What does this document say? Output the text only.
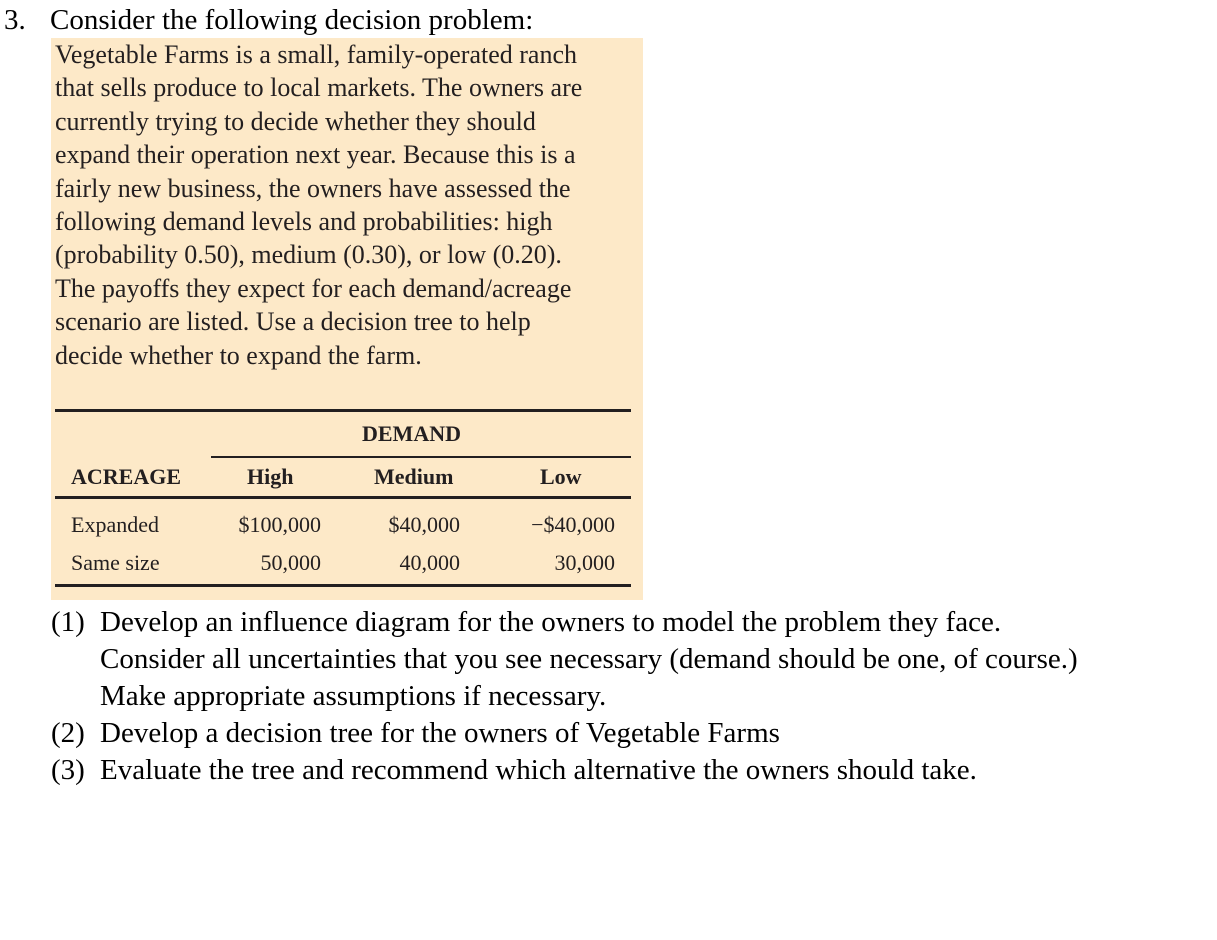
3. Consider the following decision problem:
Vegetable Farms is a small, family-operated ranch
that sells produce to local markets. The owners are
currently trying to decide whether they should
expand their operation next year. Because this is a
fairly new business, the owners have assessed the
following demand levels and probabilities: high
(probability 0.50), medium (0.30), or low (0.20).
The payoffs they expect for each demand/acreage
scenario are listed. Use a decision tree to help
decide whether to expand the farm.
DEMAND
ACREAGE	High	Medium	Low
Expanded	$100,000	$40,000	−$40,000
Same size	50,000	40,000	30,000
(1) Develop an influence diagram for the owners to model the problem they face.
Consider all uncertainties that you see necessary (demand should be one, of course.)
Make appropriate assumptions if necessary.
(2) Develop a decision tree for the owners of Vegetable Farms
(3) Evaluate the tree and recommend which alternative the owners should take.
